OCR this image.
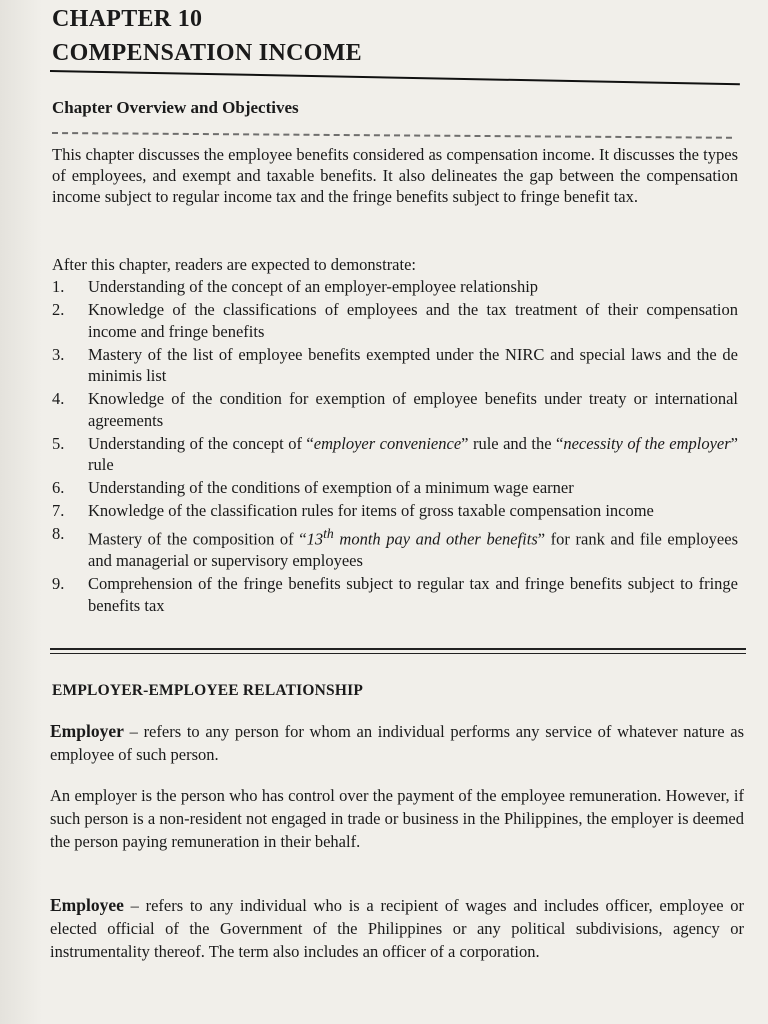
CHAPTER 10
COMPENSATION INCOME
Chapter Overview and Objectives

This chapter discusses the employee benefits considered as compensation income. It discusses the types of employees, and exempt and taxable benefits. It also delineates the gap between the compensation income subject to regular income tax and the fringe benefits subject to fringe benefit tax.

After this chapter, readers are expected to demonstrate:

1.	Understanding of the concept of an employer-employee relationship
2.	Knowledge of the classifications of employees and the tax treatment of their compensation income and fringe benefits
3.	Mastery of the list of employee benefits exempted under the NIRC and special laws and the de minimis list
4.	Knowledge of the condition for exemption of employee benefits under treaty or international agreements
5.	Understanding of the concept of “employer convenience” rule and the “necessity of the employer” rule
6.	Understanding of the conditions of exemption of a minimum wage earner
7.	Knowledge of the classification rules for items of gross taxable compensation income
8.	Mastery of the composition of “13th month pay and other benefits” for rank and file employees and managerial or supervisory employees
9.	Comprehension of the fringe benefits subject to regular tax and fringe benefits subject to fringe benefits tax
EMPLOYER-EMPLOYEE RELATIONSHIP

Employer – refers to any person for whom an individual performs any service of whatever nature as employee of such person.

An employer is the person who has control over the payment of the employee remuneration. However, if such person is a non-resident not engaged in trade or business in the Philippines, the employer is deemed the person paying remuneration in their behalf.

Employee – refers to any individual who is a recipient of wages and includes officer, employee or elected official of the Government of the Philippines or any political subdivisions, agency or instrumentality thereof. The term also includes an officer of a corporation.
